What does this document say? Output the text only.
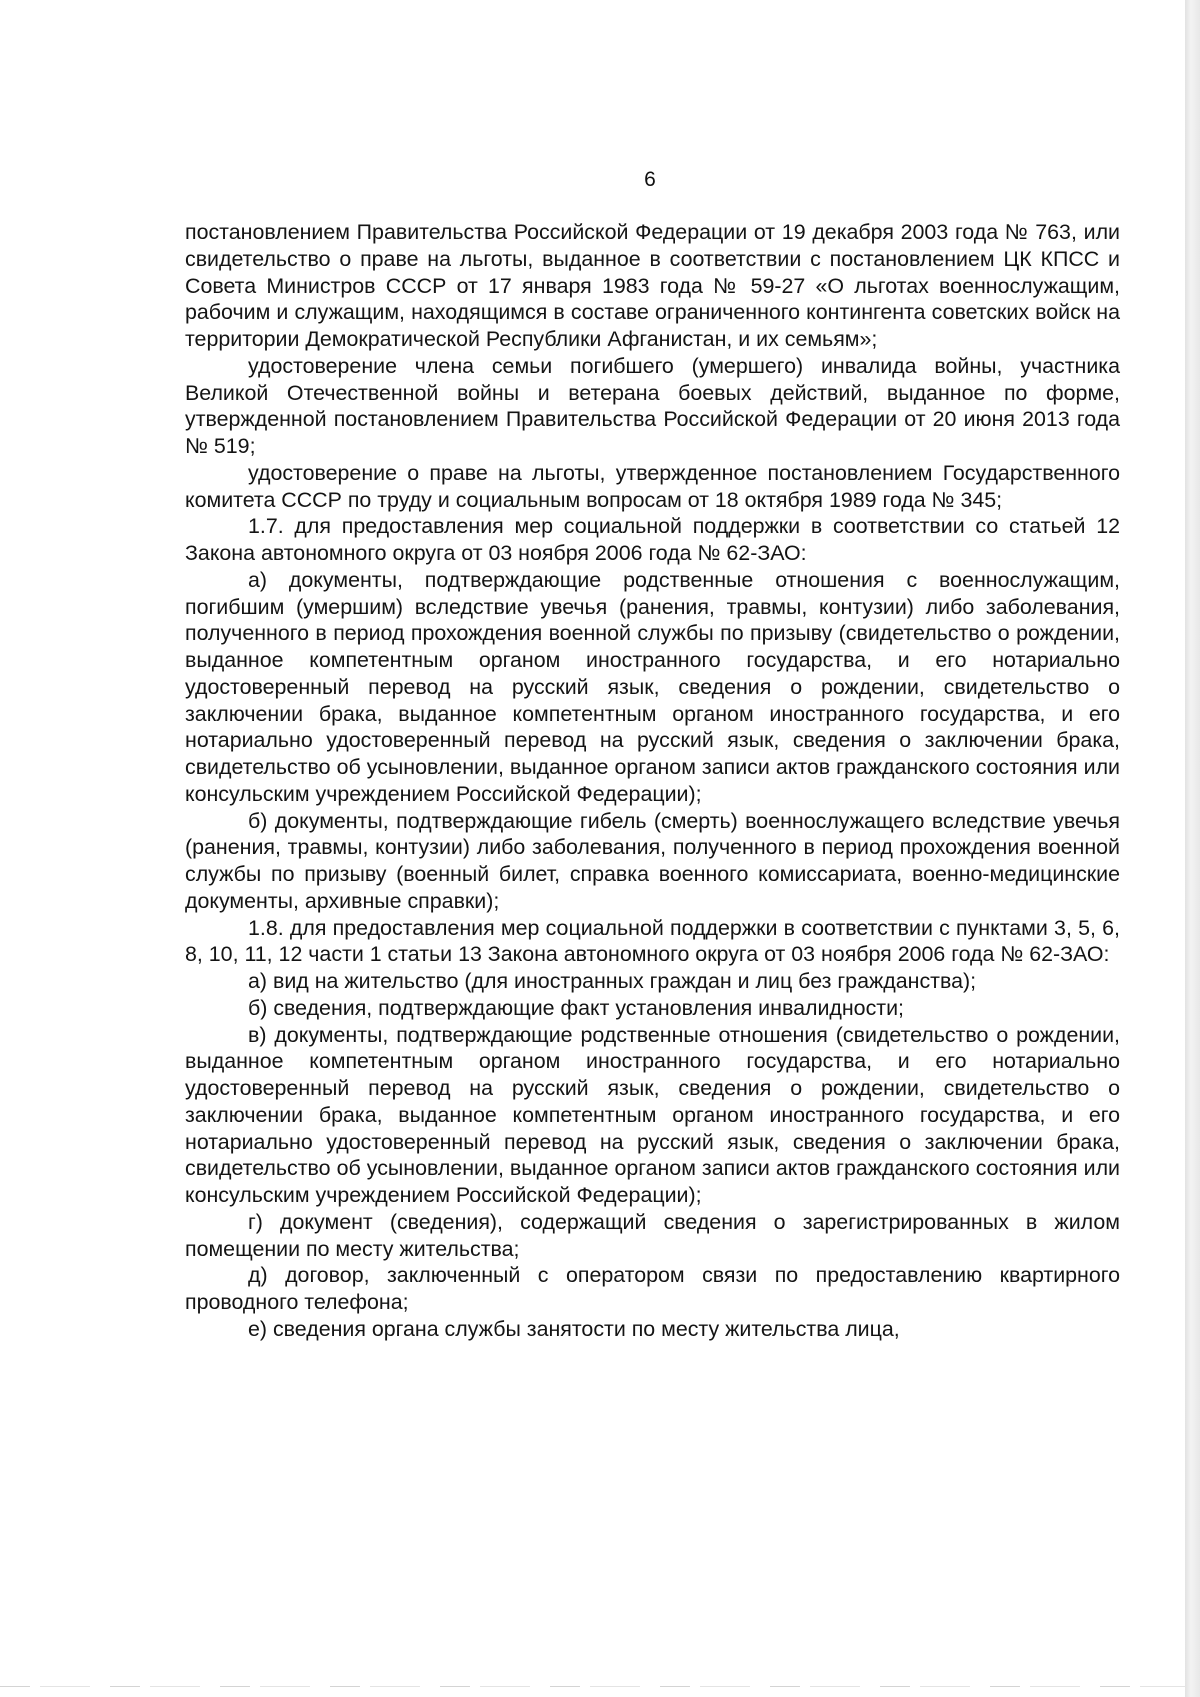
6

постановлением Правительства Российской Федерации от 19 декабря 2003 года № 763, или свидетельство о праве на льготы, выданное в соответствии с постановлением ЦК КПСС и Совета Министров СССР от 17 января 1983 года № 59-27 «О льготах военнослужащим, рабочим и служащим, находящимся в составе ограниченного контингента советских войск на территории Демократической Республики Афганистан, и их семьям»;

удостоверение члена семьи погибшего (умершего) инвалида войны, участника Великой Отечественной войны и ветерана боевых действий, выданное по форме, утвержденной постановлением Правительства Российской Федерации от 20 июня 2013 года № 519;

удостоверение о праве на льготы, утвержденное постановлением Государственного комитета СССР по труду и социальным вопросам от 18 октября 1989 года № 345;

1.7. для предоставления мер социальной поддержки в соответствии со статьей 12 Закона автономного округа от 03 ноября 2006 года № 62-ЗАО:

а) документы, подтверждающие родственные отношения с военнослужащим, погибшим (умершим) вследствие увечья (ранения, травмы, контузии) либо заболевания, полученного в период прохождения военной службы по призыву (свидетельство о рождении, выданное компетентным органом иностранного государства, и его нотариально удостоверенный перевод на русский язык, сведения о рождении, свидетельство о заключении брака, выданное компетентным органом иностранного государства, и его нотариально удостоверенный перевод на русский язык, сведения о заключении брака, свидетельство об усыновлении, выданное органом записи актов гражданского состояния или консульским учреждением Российской Федерации);

б) документы, подтверждающие гибель (смерть) военнослужащего вследствие увечья (ранения, травмы, контузии) либо заболевания, полученного в период прохождения военной службы по призыву (военный билет, справка военного комиссариата, военно-медицинские документы, архивные справки);

1.8. для предоставления мер социальной поддержки в соответствии с пунктами 3, 5, 6, 8, 10, 11, 12 части 1 статьи 13 Закона автономного округа от 03 ноября 2006 года № 62-ЗАО:

а) вид на жительство (для иностранных граждан и лиц без гражданства);

б) сведения, подтверждающие факт установления инвалидности;

в) документы, подтверждающие родственные отношения (свидетельство о рождении, выданное компетентным органом иностранного государства, и его нотариально удостоверенный перевод на русский язык, сведения о рождении, свидетельство о заключении брака, выданное компетентным органом иностранного государства, и его нотариально удостоверенный перевод на русский язык, сведения о заключении брака, свидетельство об усыновлении, выданное органом записи актов гражданского состояния или консульским учреждением Российской Федерации);

г) документ (сведения), содержащий сведения о зарегистрированных в жилом помещении по месту жительства;

д) договор, заключенный с оператором связи по предоставлению квартирного проводного телефона;

е) сведения органа службы занятости по месту жительства лица,
